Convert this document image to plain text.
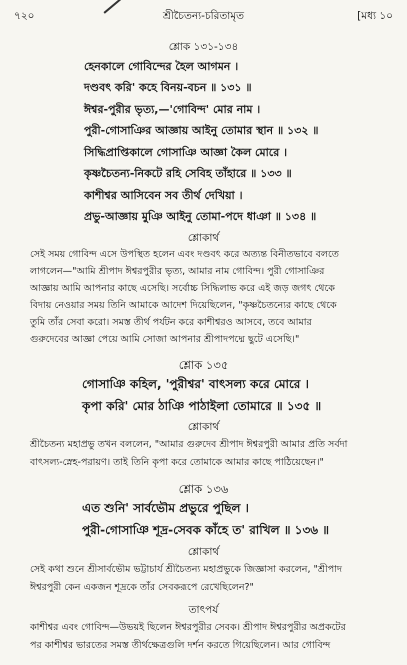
৭২০	শ্রীচৈতন্য-চরিতামৃত	[মধ্য ১০
শ্লোক ১৩১-১৩৪
হেনকালে গোবিন্দের হৈল আগমন ।
দণ্ডবৎ করি' কহে বিনয়-বচন ॥ ১৩১ ॥
ঈশ্বর-পুরীর ভৃত্য,—'গোবিন্দ' মোর নাম ।
পুরী-গোসাঞির আজ্ঞায় আইনু তোমার স্থান ॥ ১৩২ ॥
সিদ্ধিপ্রাপ্তিকালে গোসাঞি আজ্ঞা কৈল মোরে ।
কৃষ্ণচৈতন্য-নিকটে রহি সেবিহ তাঁহারে ॥ ১৩৩ ॥
কাশীশ্বর আসিবেন সব তীর্থ দেখিয়া ।
প্রভু-আজ্ঞায় মুঞি আইনু তোমা-পদে ধাঞা ॥ ১৩৪ ॥
শ্লোকার্থ
সেই সময় গোবিন্দ এসে উপস্থিত হলেন এবং দণ্ডবৎ করে অত্যন্ত বিনীতভাবে বলতে
লাগলেন—"আমি শ্রীপাদ ঈশ্বরপুরীর ভৃত্য, আমার নাম গোবিন্দ। পুরী গোসাঞির
আজ্ঞায় আমি আপনার কাছে এসেছি। সর্বোচ্চ সিদ্ধিলাভ করে এই জড় জগৎ থেকে
বিদায় নেওয়ার সময় তিনি আমাকে আদেশ দিয়েছিলেন, "কৃষ্ণচৈতন্যের কাছে থেকে
তুমি তাঁর সেবা করো। সমস্ত তীর্থ পর্যটন করে কাশীশ্বরও আসবে, তবে আমার
গুরুদেবের আজ্ঞা পেয়ে আমি সোজা আপনার শ্রীপাদপদ্মে ছুটে এসেছি।"
শ্লোক ১৩৫
গোসাঞি কহিল, 'পুরীশ্বর' বাৎসল্য করে মোরে ।
কৃপা করি' মোর ঠাঞি পাঠাইলা তোমারে ॥ ১৩৫ ॥
শ্লোকার্থ
শ্রীচৈতন্য মহাপ্রভু তখন বললেন, "আমার গুরুদেব শ্রীপাদ ঈশ্বরপুরী আমার প্রতি সর্বদা
বাৎসল্য-স্নেহ-পরায়ণ। তাই তিনি কৃপা করে তোমাকে আমার কাছে পাঠিয়েছেন।"
শ্লোক ১৩৬
এত শুনি' সার্বভৌম প্রভুরে পুছিল ।
পুরী-গোসাঞি শূদ্র-সেবক কাঁহে ত' রাখিল ॥ ১৩৬ ॥
শ্লোকার্থ
সেই কথা শুনে শ্রীসার্বভৌম ভট্টাচার্য শ্রীচৈতন্য মহাপ্রভুকে জিজ্ঞাসা করলেন, "শ্রীপাদ
ঈশ্বরপুরী কেন একজন শূদ্রকে তাঁর সেবকরূপে রেখেছিলেন?"
তাৎপর্য
কাশীশ্বর এবং গোবিন্দ—উভয়ই ছিলেন ঈশ্বরপুরীর সেবক। শ্রীপাদ ঈশ্বরপুরীর অপ্রকটের
পর কাশীশ্বর ভারতের সমস্ত তীর্থক্ষেত্রগুলি দর্শন করতে গিয়েছিলেন। আর গোবিন্দ
